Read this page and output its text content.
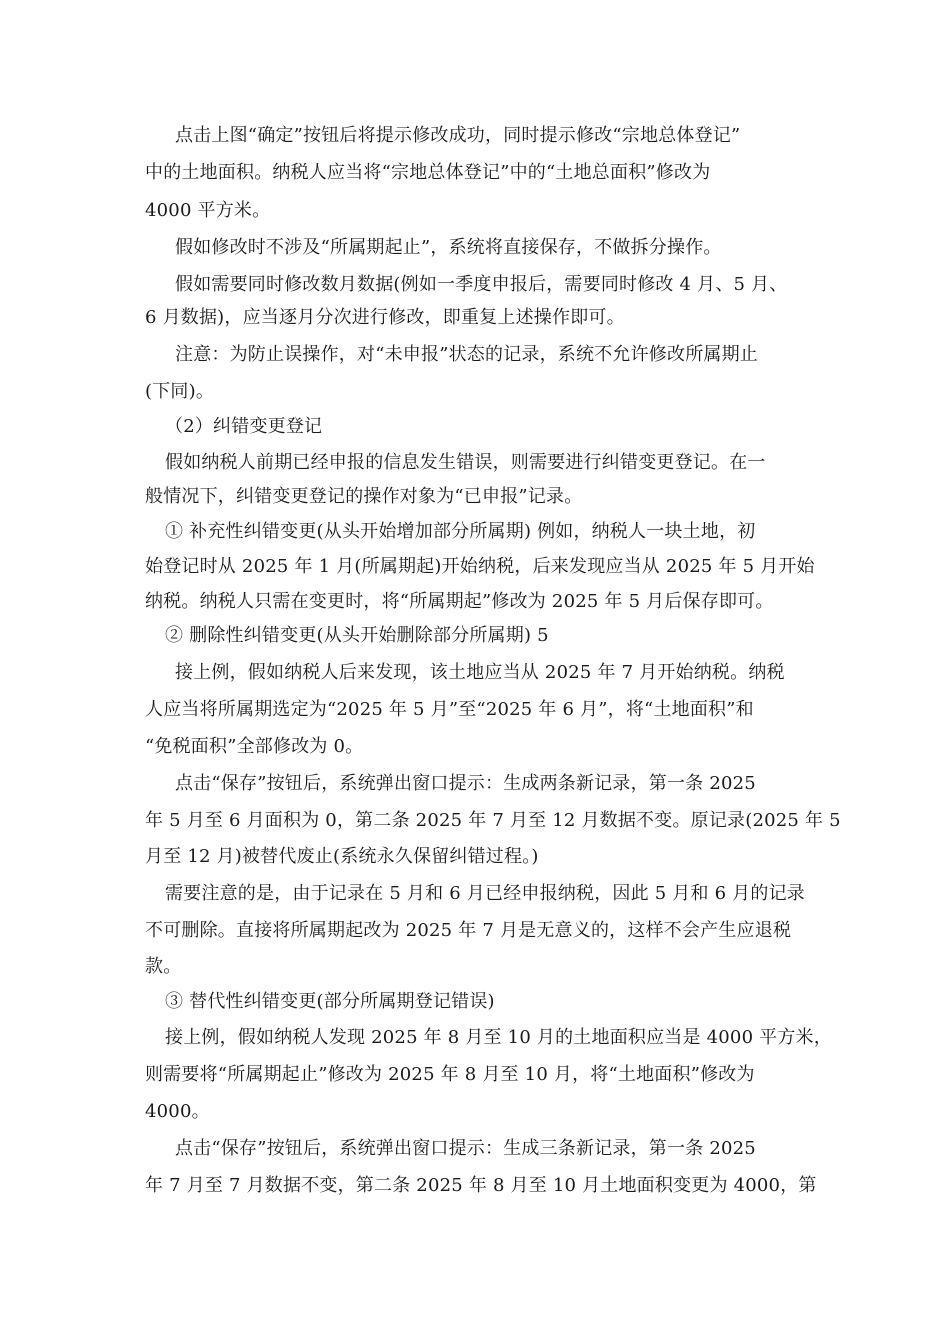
点击上图“确定”按钮后将提示修改成功，同时提示修改“宗地总体登记”
中的土地面积。纳税人应当将“宗地总体登记”中的“土地总面积”修改为
4000 平方米。
假如修改时不涉及“所属期起止”，系统将直接保存，不做拆分操作。
假如需要同时修改数月数据(例如一季度申报后，需要同时修改 4 月、5 月、
6 月数据)，应当逐月分次进行修改，即重复上述操作即可。
注意：为防止误操作，对“未申报”状态的记录，系统不允许修改所属期止
(下同)。
（2）纠错变更登记
假如纳税人前期已经申报的信息发生错误，则需要进行纠错变更登记。在一
般情况下，纠错变更登记的操作对象为“已申报”记录。
① 补充性纠错变更(从头开始增加部分所属期) 例如，纳税人一块土地，初
始登记时从 2025 年 1 月(所属期起)开始纳税，后来发现应当从 2025 年 5 月开始
纳税。纳税人只需在变更时，将“所属期起”修改为 2025 年 5 月后保存即可。
② 删除性纠错变更(从头开始删除部分所属期) 5
接上例，假如纳税人后来发现，该土地应当从 2025 年 7 月开始纳税。纳税
人应当将所属期选定为“2025 年 5 月”至“2025 年 6 月”，将“土地面积”和
“免税面积”全部修改为 0。
点击“保存”按钮后，系统弹出窗口提示：生成两条新记录，第一条 2025
年 5 月至 6 月面积为 0，第二条 2025 年 7 月至 12 月数据不变。原记录(2025 年 5
月至 12 月)被替代废止(系统永久保留纠错过程。)
需要注意的是，由于记录在 5 月和 6 月已经申报纳税，因此 5 月和 6 月的记录
不可删除。直接将所属期起改为 2025 年 7 月是无意义的，这样不会产生应退税
款。
③ 替代性纠错变更(部分所属期登记错误)
接上例，假如纳税人发现 2025 年 8 月至 10 月的土地面积应当是 4000 平方米，
则需要将“所属期起止”修改为 2025 年 8 月至 10 月，将“土地面积”修改为
4000。
点击“保存”按钮后，系统弹出窗口提示：生成三条新记录，第一条 2025
年 7 月至 7 月数据不变，第二条 2025 年 8 月至 10 月土地面积变更为 4000，第
